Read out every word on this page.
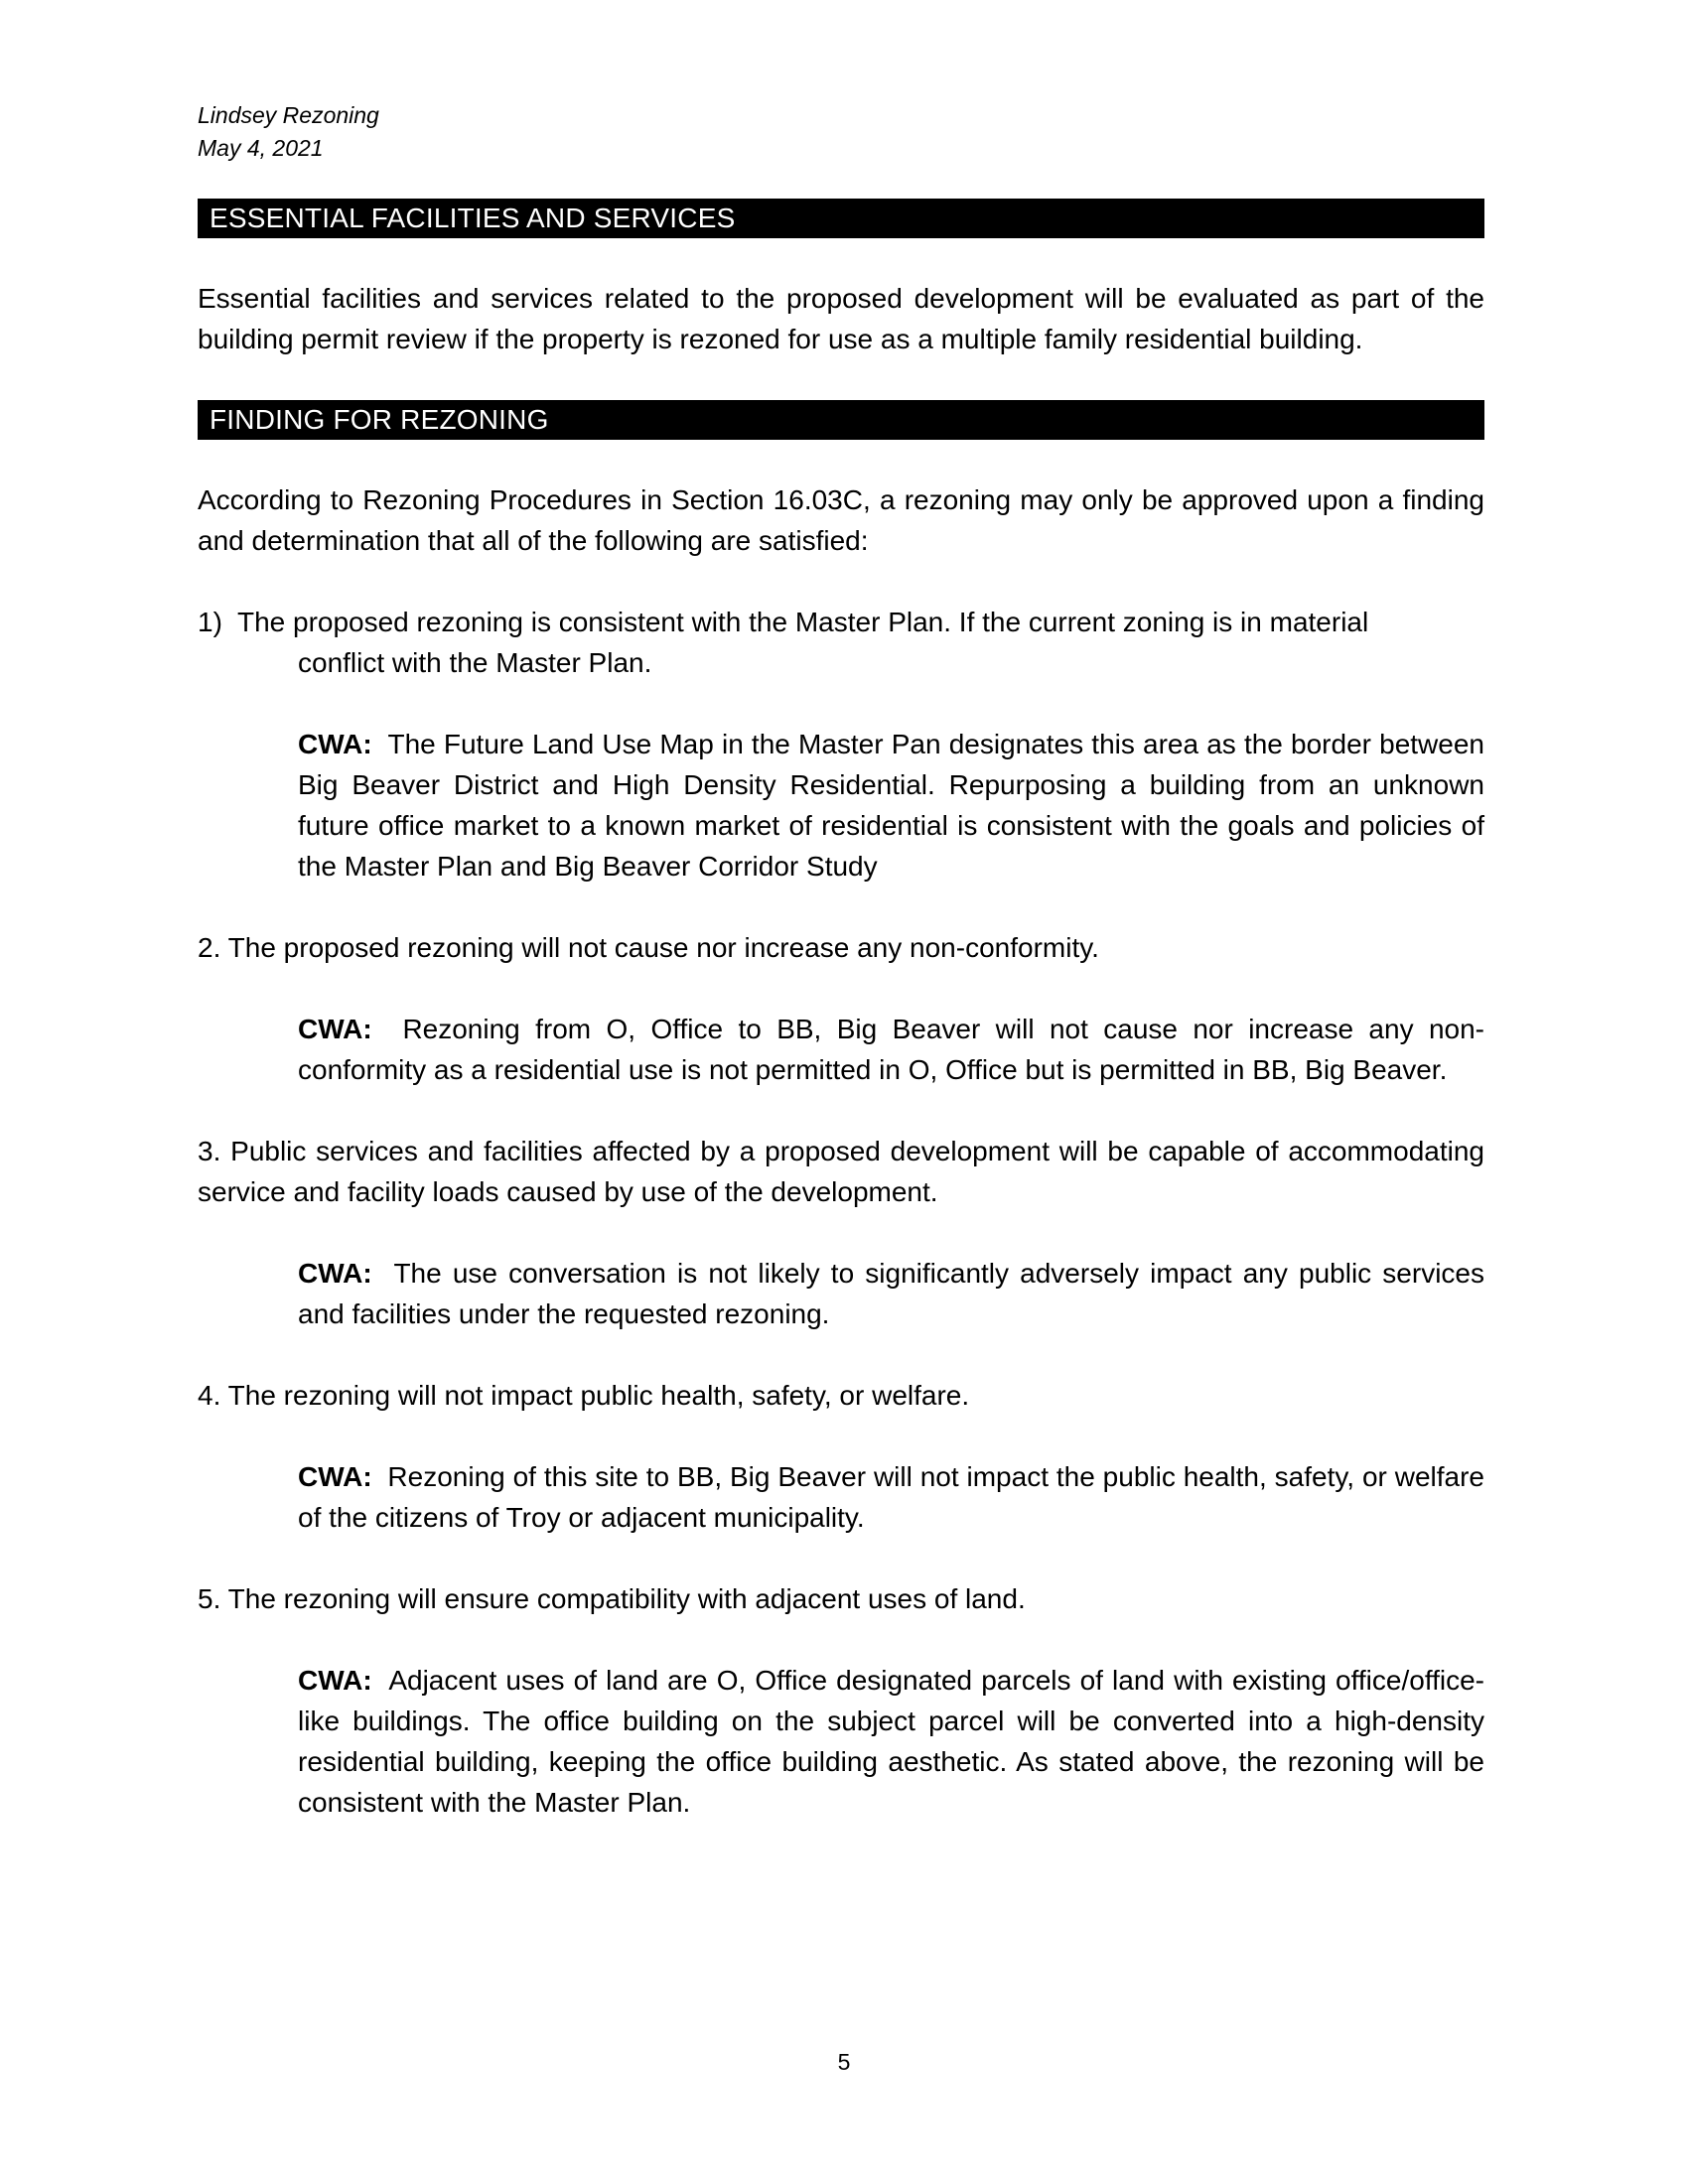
Lindsey Rezoning

May 4, 2021

ESSENTIAL FACILITIES AND SERVICES

Essential facilities and services related to the proposed development will be evaluated as part of the building permit review if the property is rezoned for use as a multiple family residential building.

FINDING FOR REZONING

According to Rezoning Procedures in Section 16.03C, a rezoning may only be approved upon a finding and determination that all of the following are satisfied:

1) The proposed rezoning is consistent with the Master Plan. If the current zoning is in material

conflict with the Master Plan.

CWA: The Future Land Use Map in the Master Pan designates this area as the border between Big Beaver District and High Density Residential. Repurposing a building from an unknown future office market to a known market of residential is consistent with the goals and policies of the Master Plan and Big Beaver Corridor Study

2. The proposed rezoning will not cause nor increase any non-conformity.

CWA: Rezoning from O, Office to BB, Big Beaver will not cause nor increase any non-conformity as a residential use is not permitted in O, Office but is permitted in BB, Big Beaver.

3. Public services and facilities affected by a proposed development will be capable of accommodating service and facility loads caused by use of the development.

CWA: The use conversation is not likely to significantly adversely impact any public services and facilities under the requested rezoning.

4. The rezoning will not impact public health, safety, or welfare.

CWA: Rezoning of this site to BB, Big Beaver will not impact the public health, safety, or welfare of the citizens of Troy or adjacent municipality.

5. The rezoning will ensure compatibility with adjacent uses of land.

CWA: Adjacent uses of land are O, Office designated parcels of land with existing office/office-like buildings. The office building on the subject parcel will be converted into a high-density residential building, keeping the office building aesthetic. As stated above, the rezoning will be consistent with the Master Plan.

5
